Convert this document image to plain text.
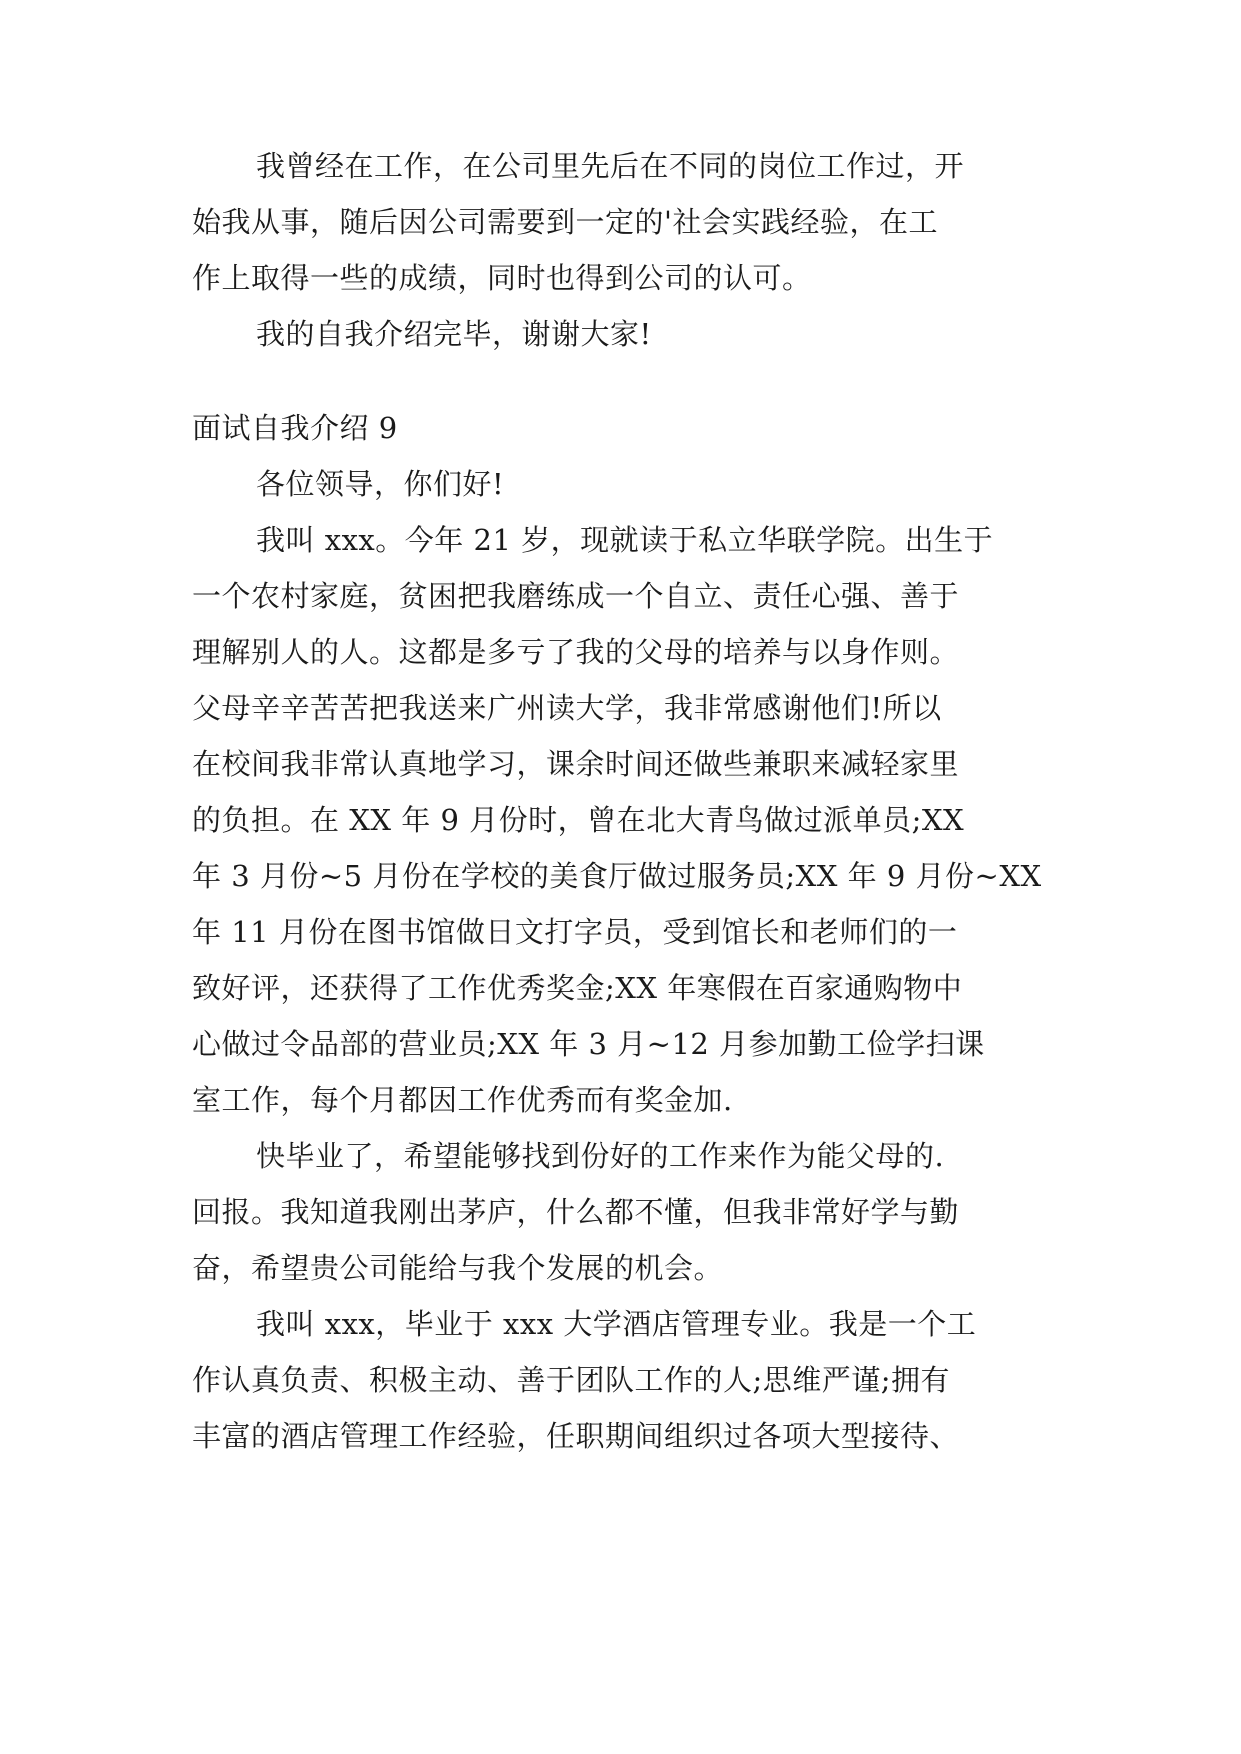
我曾经在工作，在公司里先后在不同的岗位工作过，开
始我从事，随后因公司需要到一定的'社会实践经验，在工
作上取得一些的成绩，同时也得到公司的认可。
我的自我介绍完毕，谢谢大家!
面试自我介绍 9
各位领导，你们好!
我叫 xxx。今年 21 岁，现就读于私立华联学院。出生于
一个农村家庭，贫困把我磨练成一个自立、责任心强、善于
理解别人的人。这都是多亏了我的父母的培养与以身作则。
父母辛辛苦苦把我送来广州读大学，我非常感谢他们!所以
在校间我非常认真地学习，课余时间还做些兼职来减轻家里
的负担。在 XX 年 9 月份时，曾在北大青鸟做过派单员;XX
年 3 月份~5 月份在学校的美食厅做过服务员;XX 年 9 月份~XX
年 11 月份在图书馆做日文打字员，受到馆长和老师们的一
致好评，还获得了工作优秀奖金;XX 年寒假在百家通购物中
心做过令品部的营业员;XX 年 3 月~12 月参加勤工俭学扫课
室工作，每个月都因工作优秀而有奖金加.
快毕业了，希望能够找到份好的工作来作为能父母的.
回报。我知道我刚出茅庐，什么都不懂，但我非常好学与勤
奋，希望贵公司能给与我个发展的机会。
我叫 xxx，毕业于 xxx 大学酒店管理专业。我是一个工
作认真负责、积极主动、善于团队工作的人;思维严谨;拥有
丰富的酒店管理工作经验，任职期间组织过各项大型接待、
